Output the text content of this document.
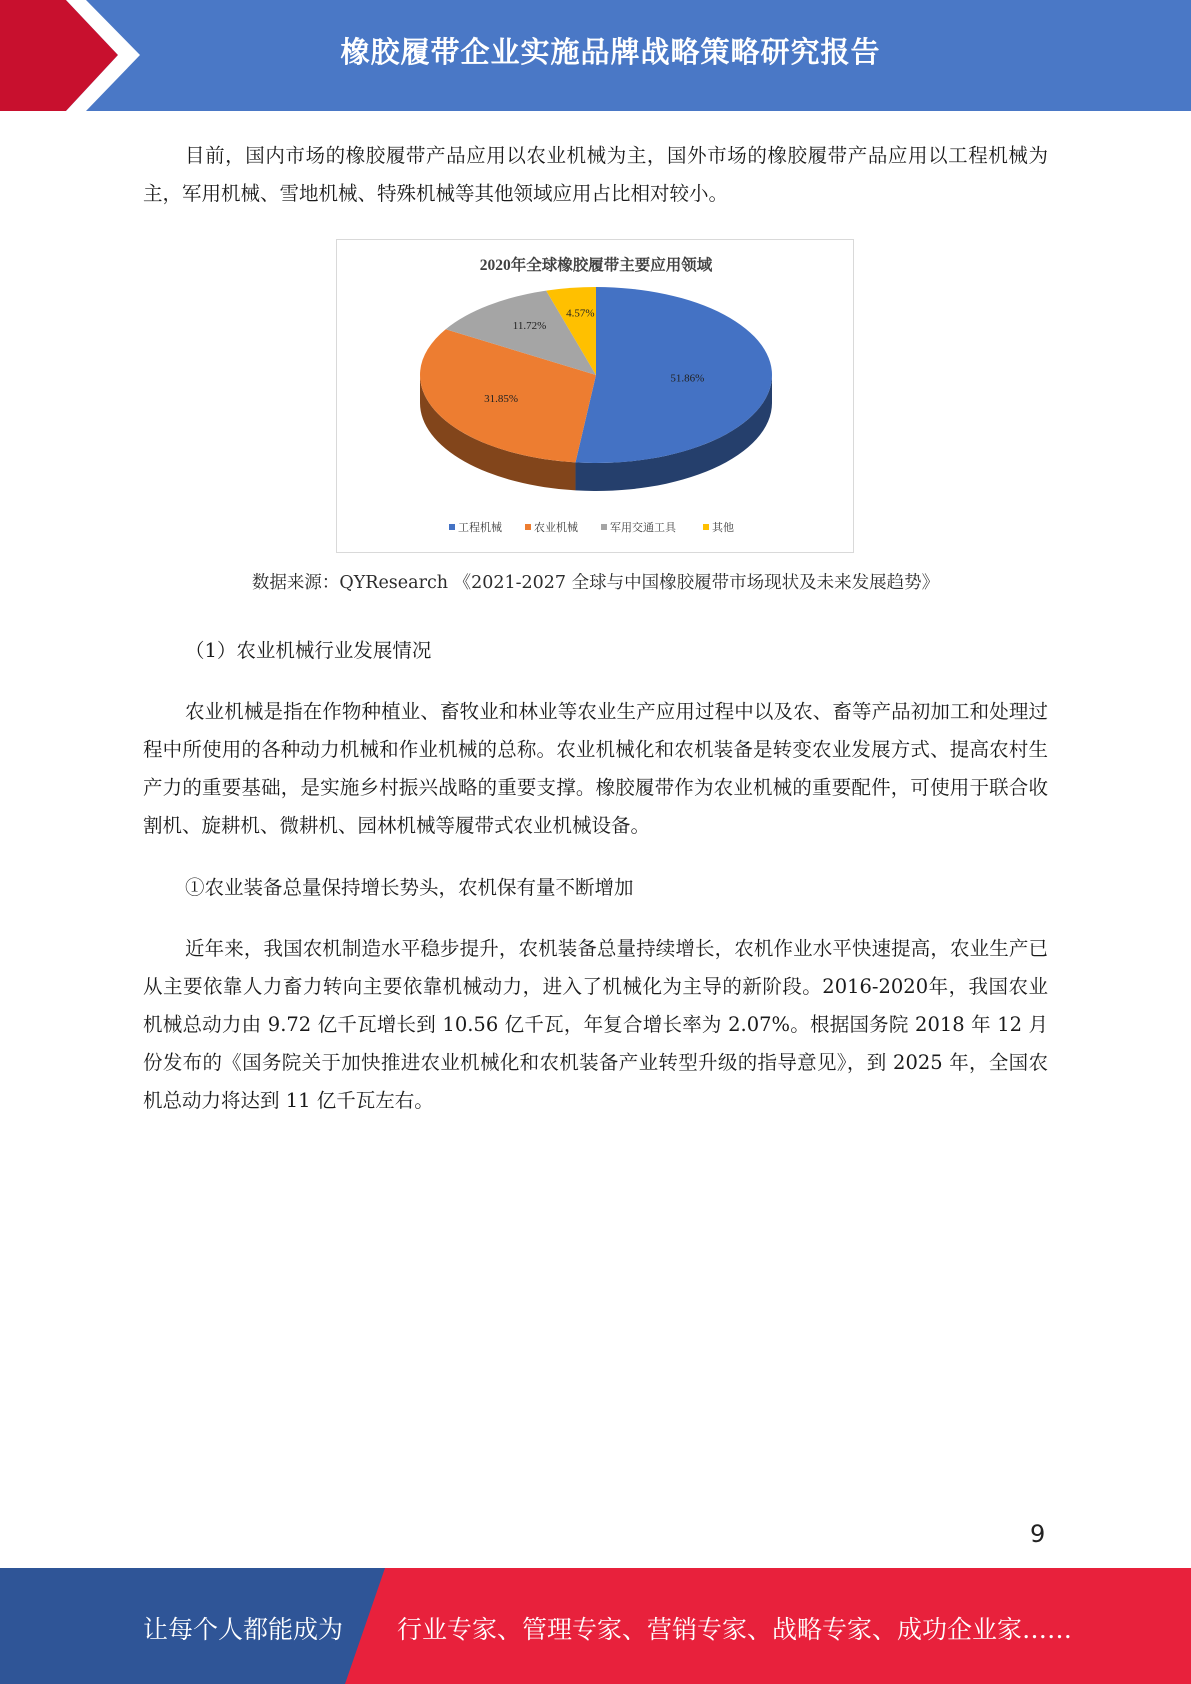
橡胶履带企业实施品牌战略策略研究报告

目前，国内市场的橡胶履带产品应用以农业机械为主，国外市场的橡胶履带产品应用以工程机械为主，军用机械、雪地机械、特殊机械等其他领域应用占比相对较小。

2020年全球橡胶履带主要应用领域
51.86%
31.85%
11.72%
4.57%
工程机械	农业机械	军用交通工具	其他
数据来源：QYResearch 《2021-2027 全球与中国橡胶履带市场现状及未来发展趋势》

（1）农业机械行业发展情况

农业机械是指在作物种植业、畜牧业和林业等农业生产应用过程中以及农、畜等产品初加工和处理过程中所使用的各种动力机械和作业机械的总称。农业机械化和农机装备是转变农业发展方式、提高农村生产力的重要基础，是实施乡村振兴战略的重要支撑。橡胶履带作为农业机械的重要配件，可使用于联合收割机、旋耕机、微耕机、园林机械等履带式农业机械设备。

①农业装备总量保持增长势头，农机保有量不断增加

近年来，我国农机制造水平稳步提升，农机装备总量持续增长，农机作业水平快速提高，农业生产已从主要依靠人力畜力转向主要依靠机械动力，进入了机械化为主导的新阶段。2016-2020年，我国农业机械总动力由 9.72 亿千瓦增长到 10.56 亿千瓦，年复合增长率为 2.07%。根据国务院 2018 年 12 月份发布的《国务院关于加快推进农业机械化和农机装备产业转型升级的指导意见》，到 2025 年，全国农机总动力将达到 11 亿千瓦左右。

9
让每个人都能成为 行业专家、管理专家、营销专家、战略专家、成功企业家……
